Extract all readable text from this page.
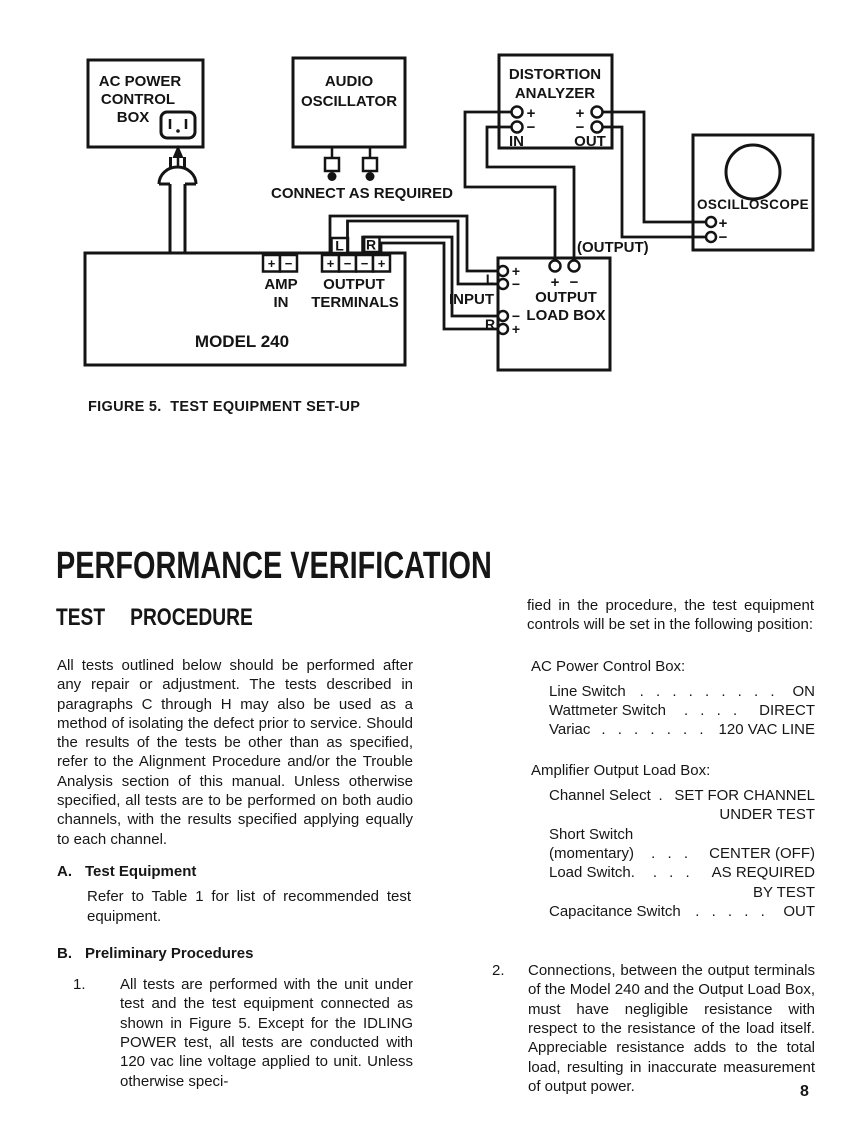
AC POWER
CONTROL
BOX
AUDIO
OSCILLATOR
CONNECT AS REQUIRED
DISTORTION
ANALYZER
+
−
IN
+
−
OUT
OSCILLOSCOPE
+
−
MODEL 240
+ −
AMP
IN
+ − − +
OUTPUT
TERMINALS
L R
OUTPUT
LOAD BOX
(OUTPUT)
+ −
+
−
−
+
L
R
INPUT
FIGURE 5.  TEST EQUIPMENT SET-UP
PERFORMANCE VERIFICATION
TEST  PROCEDURE
All tests outlined below should be performed after any repair or adjustment. The tests described in paragraphs C through H may also be used as a method of isolating the defect prior to service. Should the results of the tests be other than as specified, refer to the Alignment Procedure and/or the Trouble Analysis section of this manual. Unless otherwise specified, all tests are to be performed on both audio channels, with the results specified applying equally to each channel.
A. Test Equipment
Refer to Table 1 for list of recommended test equipment.
B. Preliminary Procedures
1.	All tests are performed with the unit under test and the test equipment connected as shown in Figure 5. Except for the IDLING POWER test, all tests are conducted with 120 vac line voltage applied to unit. Unless otherwise speci-
fied in the procedure, the test equipment controls will be set in the following position:
AC Power Control Box:
Line Switch . . . . . . . . . ON
Wattmeter Switch	. . . .	DIRECT
Variac . . . . . . . 120 VAC LINE
Amplifier Output Load Box:
Channel Select . SET FOR CHANNEL
UNDER TEST
Short Switch
(momentary)	. . .	CENTER (OFF)
Load Switch.	. . .	AS REQUIRED
BY TEST
Capacitance Switch . . . . . OUT
2.	Connections, between the output terminals of the Model 240 and the Output Load Box, must have negligible resistance with respect to the resistance of the load itself. Appreciable resistance adds to the total load, resulting in inaccurate measurement of output power.	8
